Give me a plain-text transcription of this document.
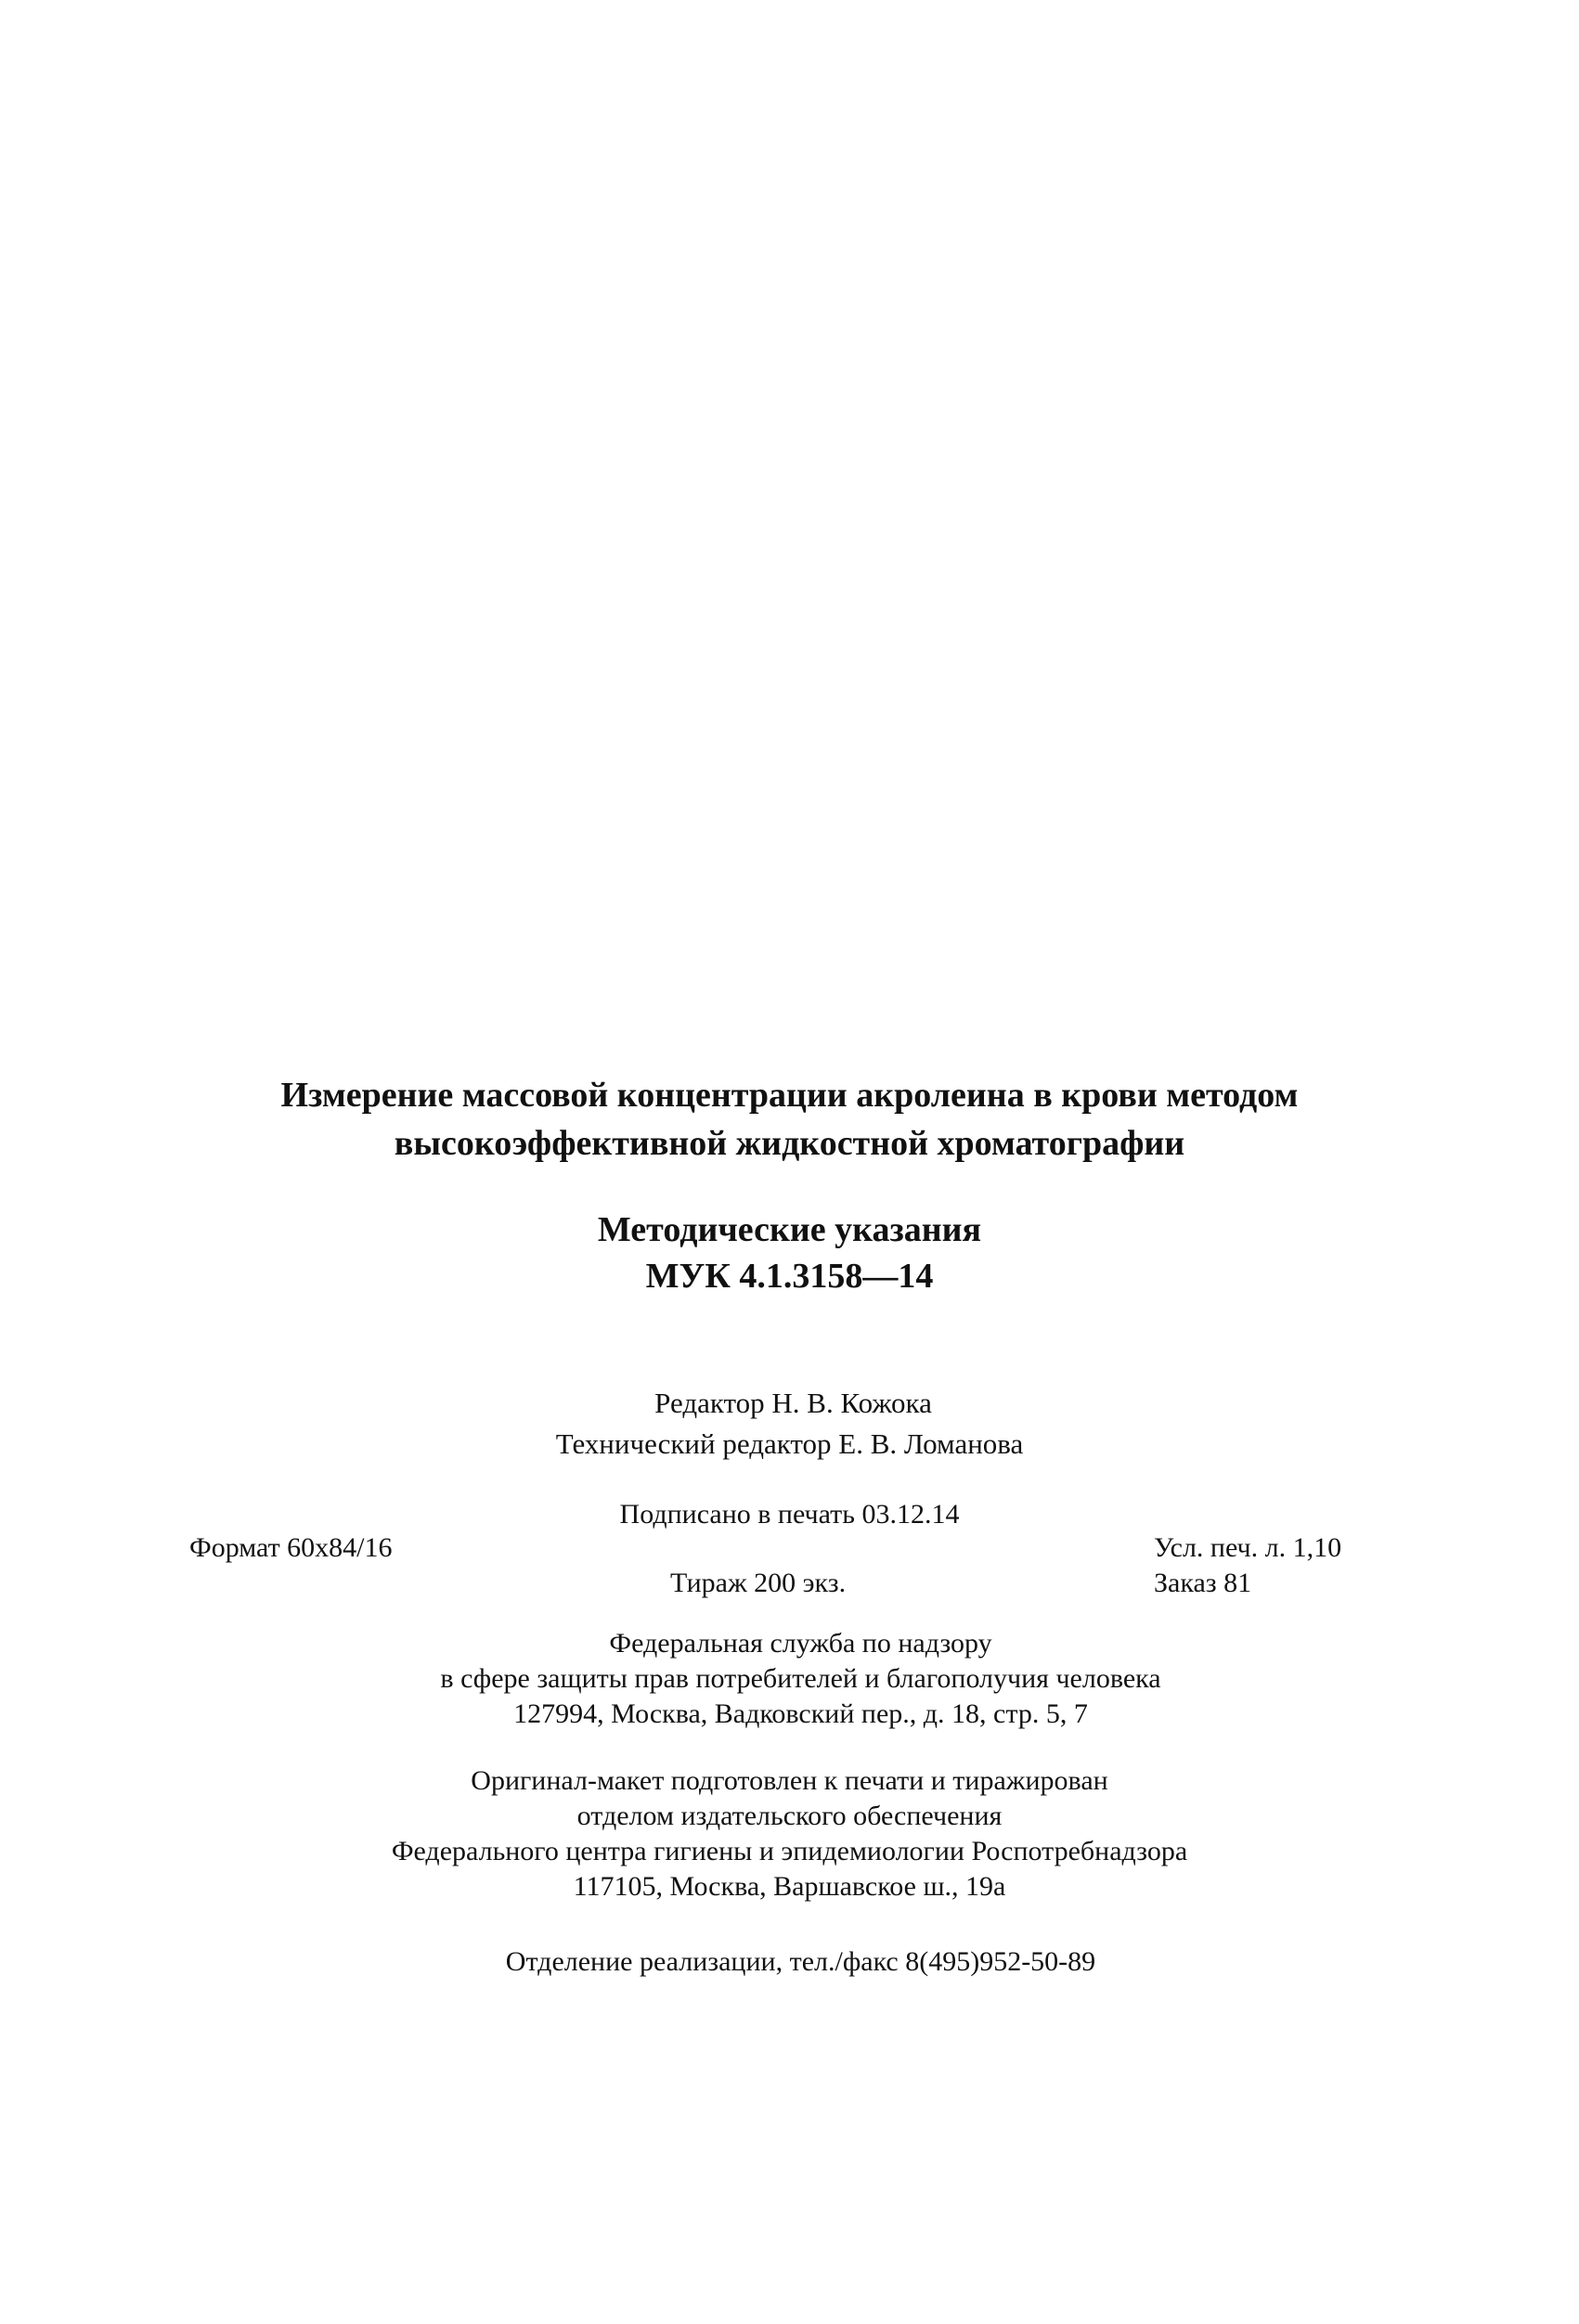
Измерение массовой концентрации акролеина в крови методом
высокоэффективной жидкостной хроматографии
Методические указания
МУК 4.1.3158—14
Редактор Н. В. Кожока
Технический редактор Е. В. Ломанова
Подписано в печать 03.12.14
Формат 60x84/16	Усл. печ. л. 1,10
Тираж 200 экз.	Заказ 81
Федеральная служба по надзору
в сфере защиты прав потребителей и благополучия человека
127994, Москва, Вадковский пер., д. 18, стр. 5, 7
Оригинал-макет подготовлен к печати и тиражирован
отделом издательского обеспечения
Федерального центра гигиены и эпидемиологии Роспотребнадзора
117105, Москва, Варшавское ш., 19а
Отделение реализации, тел./факс 8(495)952-50-89
